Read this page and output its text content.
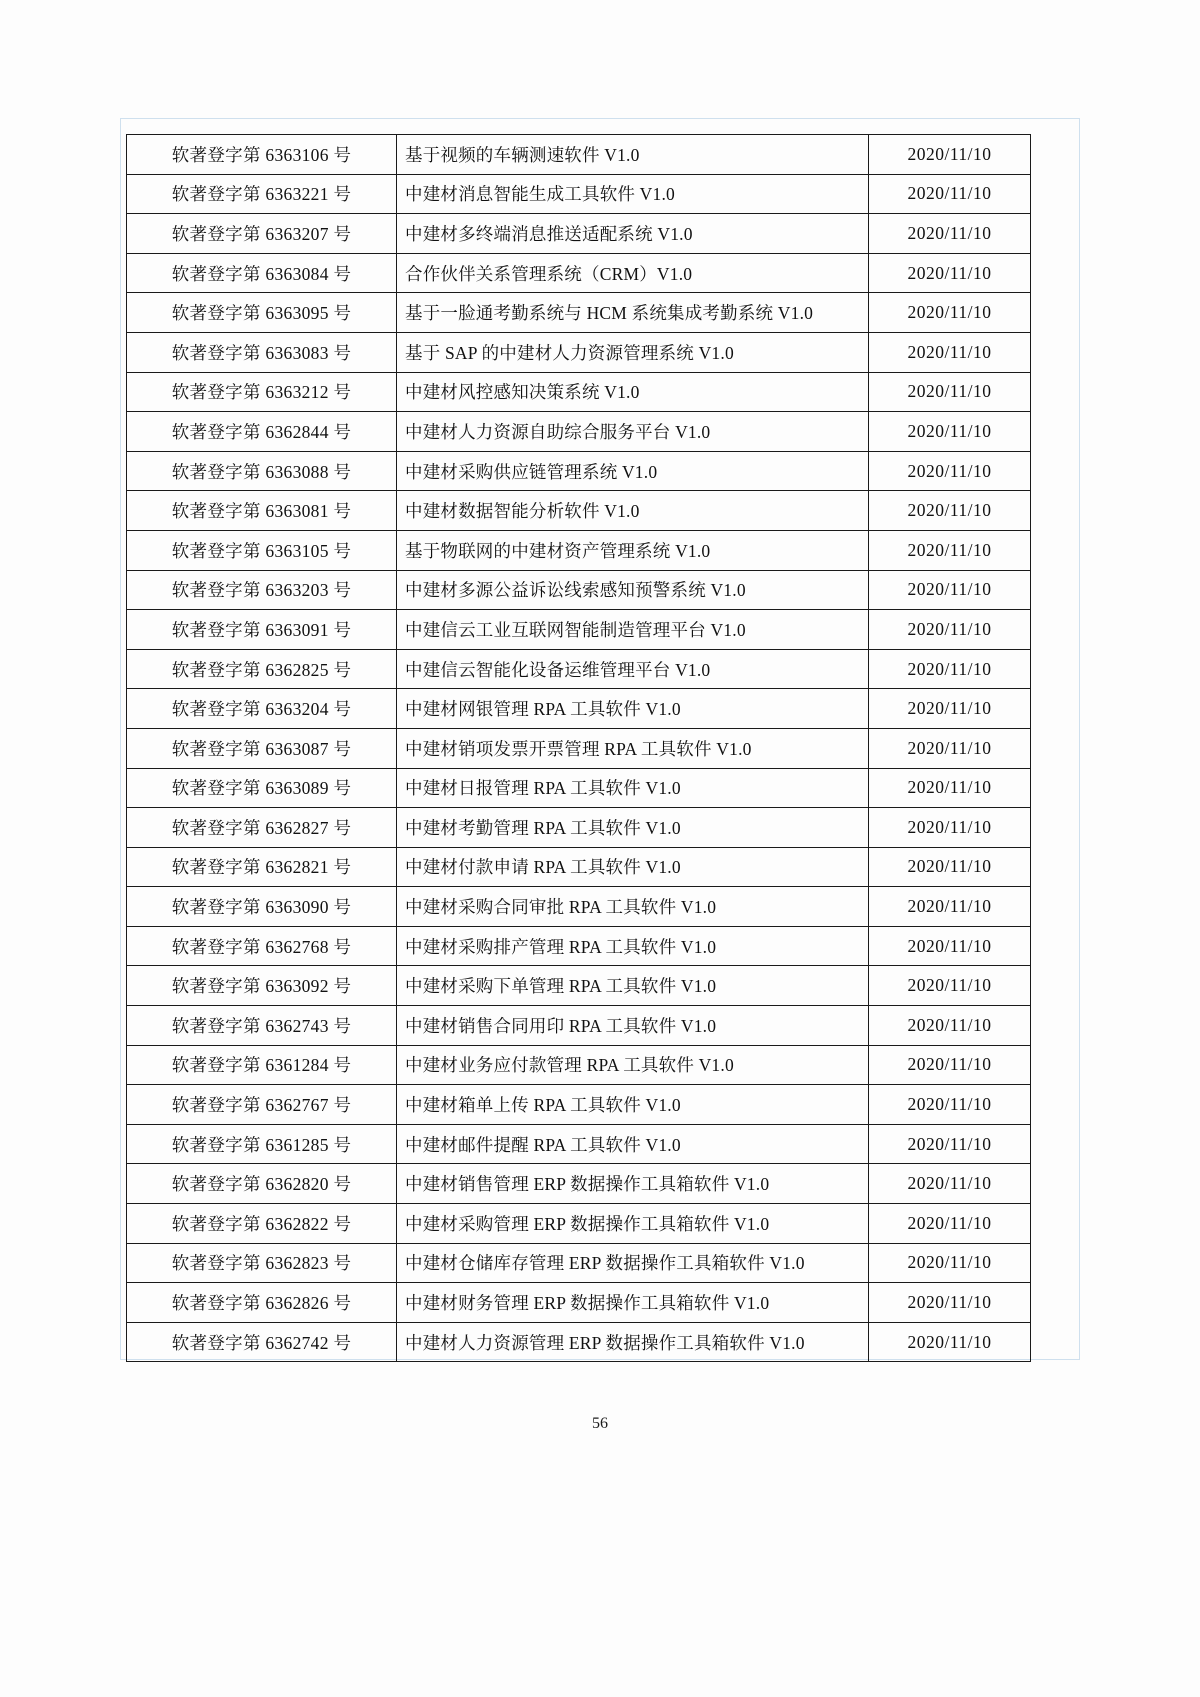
软著登字第 6363106 号	基于视频的车辆测速软件 V1.0	2020/11/10
软著登字第 6363221 号	中建材消息智能生成工具软件 V1.0	2020/11/10
软著登字第 6363207 号	中建材多终端消息推送适配系统 V1.0	2020/11/10
软著登字第 6363084 号	合作伙伴关系管理系统（CRM）V1.0	2020/11/10
软著登字第 6363095 号	基于一脸通考勤系统与 HCM 系统集成考勤系统 V1.0	2020/11/10
软著登字第 6363083 号	基于 SAP 的中建材人力资源管理系统 V1.0	2020/11/10
软著登字第 6363212 号	中建材风控感知决策系统 V1.0	2020/11/10
软著登字第 6362844 号	中建材人力资源自助综合服务平台 V1.0	2020/11/10
软著登字第 6363088 号	中建材采购供应链管理系统 V1.0	2020/11/10
软著登字第 6363081 号	中建材数据智能分析软件 V1.0	2020/11/10
软著登字第 6363105 号	基于物联网的中建材资产管理系统 V1.0	2020/11/10
软著登字第 6363203 号	中建材多源公益诉讼线索感知预警系统 V1.0	2020/11/10
软著登字第 6363091 号	中建信云工业互联网智能制造管理平台 V1.0	2020/11/10
软著登字第 6362825 号	中建信云智能化设备运维管理平台 V1.0	2020/11/10
软著登字第 6363204 号	中建材网银管理 RPA 工具软件 V1.0	2020/11/10
软著登字第 6363087 号	中建材销项发票开票管理 RPA 工具软件 V1.0	2020/11/10
软著登字第 6363089 号	中建材日报管理 RPA 工具软件 V1.0	2020/11/10
软著登字第 6362827 号	中建材考勤管理 RPA 工具软件 V1.0	2020/11/10
软著登字第 6362821 号	中建材付款申请 RPA 工具软件 V1.0	2020/11/10
软著登字第 6363090 号	中建材采购合同审批 RPA 工具软件 V1.0	2020/11/10
软著登字第 6362768 号	中建材采购排产管理 RPA 工具软件 V1.0	2020/11/10
软著登字第 6363092 号	中建材采购下单管理 RPA 工具软件 V1.0	2020/11/10
软著登字第 6362743 号	中建材销售合同用印 RPA 工具软件 V1.0	2020/11/10
软著登字第 6361284 号	中建材业务应付款管理 RPA 工具软件 V1.0	2020/11/10
软著登字第 6362767 号	中建材箱单上传 RPA 工具软件 V1.0	2020/11/10
软著登字第 6361285 号	中建材邮件提醒 RPA 工具软件 V1.0	2020/11/10
软著登字第 6362820 号	中建材销售管理 ERP 数据操作工具箱软件 V1.0	2020/11/10
软著登字第 6362822 号	中建材采购管理 ERP 数据操作工具箱软件 V1.0	2020/11/10
软著登字第 6362823 号	中建材仓储库存管理 ERP 数据操作工具箱软件 V1.0	2020/11/10
软著登字第 6362826 号	中建材财务管理 ERP 数据操作工具箱软件 V1.0	2020/11/10
软著登字第 6362742 号	中建材人力资源管理 ERP 数据操作工具箱软件 V1.0	2020/11/10
56
